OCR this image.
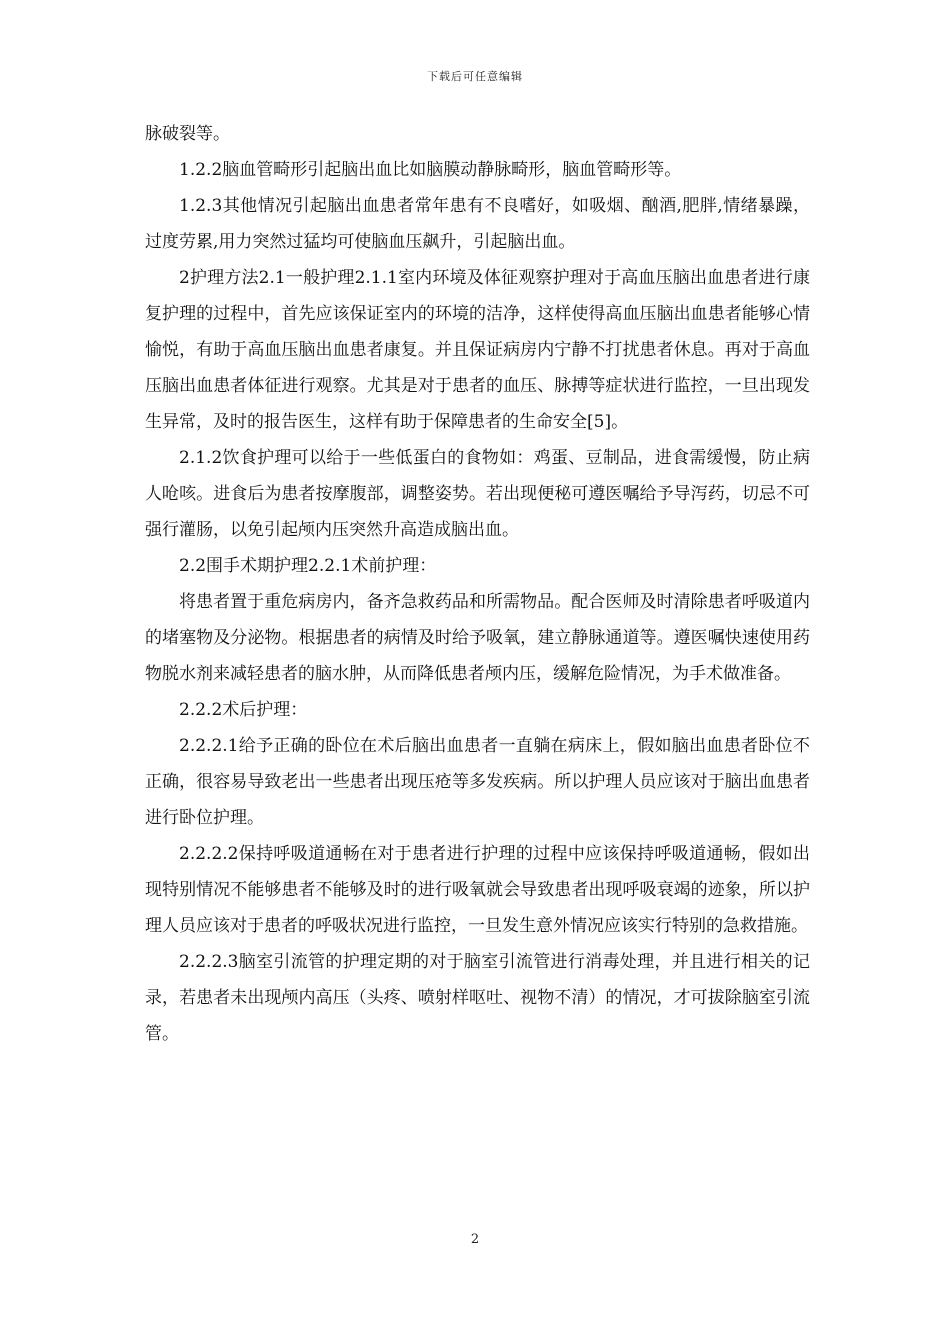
下载后可任意编辑

脉破裂等。

1.2.2脑血管畸形引起脑出血比如脑膜动静脉畸形，脑血管畸形等。

1.2.3其他情况引起脑出血患者常年患有不良嗜好，如吸烟、酗酒,肥胖,情绪暴躁，过度劳累,用力突然过猛均可使脑血压飙升，引起脑出血。

2护理方法2.1一般护理2.1.1室内环境及体征观察护理对于高血压脑出血患者进行康复护理的过程中，首先应该保证室内的环境的洁净，这样使得高血压脑出血患者能够心情愉悦，有助于高血压脑出血患者康复。并且保证病房内宁静不打扰患者休息。再对于高血压脑出血患者体征进行观察。尤其是对于患者的血压、脉搏等症状进行监控，一旦出现发生异常，及时的报告医生，这样有助于保障患者的生命安全[5]。

2.1.2饮食护理可以给于一些低蛋白的食物如：鸡蛋、豆制品，进食需缓慢，防止病人呛咳。进食后为患者按摩腹部，调整姿势。若出现便秘可遵医嘱给予导泻药，切忌不可强行灌肠，以免引起颅内压突然升高造成脑出血。

2.2围手术期护理2.2.1术前护理：

将患者置于重危病房内，备齐急救药品和所需物品。配合医师及时清除患者呼吸道内的堵塞物及分泌物。根据患者的病情及时给予吸氧，建立静脉通道等。遵医嘱快速使用药物脱水剂来减轻患者的脑水肿，从而降低患者颅内压，缓解危险情况，为手术做准备。

2.2.2术后护理：

2.2.2.1给予正确的卧位在术后脑出血患者一直躺在病床上，假如脑出血患者卧位不正确，很容易导致老出一些患者出现压疮等多发疾病。所以护理人员应该对于脑出血患者进行卧位护理。

2.2.2.2保持呼吸道通畅在对于患者进行护理的过程中应该保持呼吸道通畅，假如出现特别情况不能够患者不能够及时的进行吸氧就会导致患者出现呼吸衰竭的迹象，所以护理人员应该对于患者的呼吸状况进行监控，一旦发生意外情况应该实行特别的急救措施。

2.2.2.3脑室引流管的护理定期的对于脑室引流管进行消毒处理，并且进行相关的记录，若患者未出现颅内高压（头疼、喷射样呕吐、视物不清）的情况，才可拔除脑室引流管。

2
